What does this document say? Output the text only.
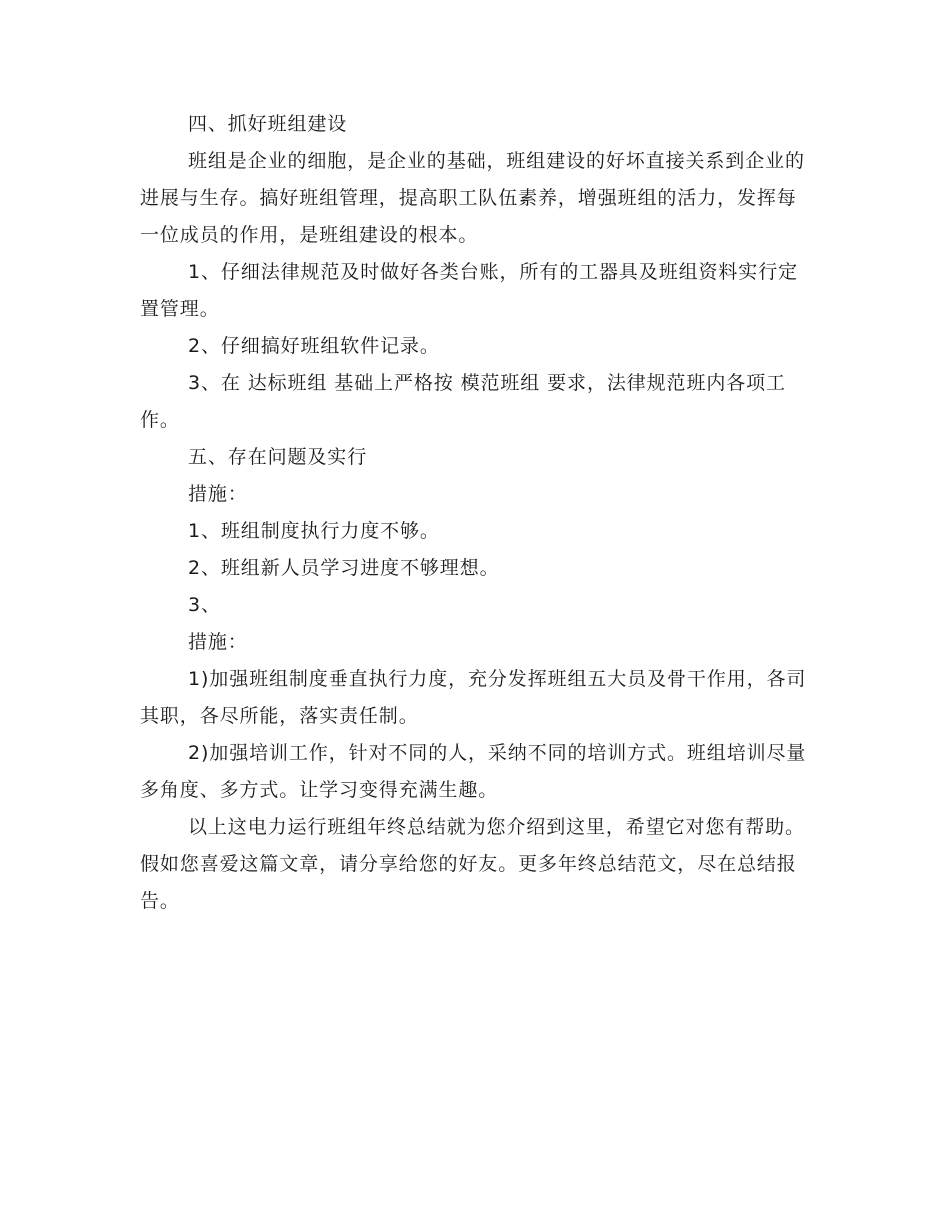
四、抓好班组建设

班组是企业的细胞，是企业的基础，班组建设的好坏直接关系到企业的进展与生存。搞好班组管理，提高职工队伍素养，增强班组的活力，发挥每一位成员的作用，是班组建设的根本。

1、仔细法律规范及时做好各类台账，所有的工器具及班组资料实行定置管理。

2、仔细搞好班组软件记录。

3、在 达标班组 基础上严格按 模范班组 要求，法律规范班内各项工作。

五、存在问题及实行

措施：

1、班组制度执行力度不够。

2、班组新人员学习进度不够理想。

3、

措施：

1)加强班组制度垂直执行力度，充分发挥班组五大员及骨干作用，各司其职，各尽所能，落实责任制。

2)加强培训工作，针对不同的人，采纳不同的培训方式。班组培训尽量多角度、多方式。让学习变得充满生趣。

以上这电力运行班组年终总结就为您介绍到这里，希望它对您有帮助。假如您喜爱这篇文章，请分享给您的好友。更多年终总结范文，尽在总结报告。
